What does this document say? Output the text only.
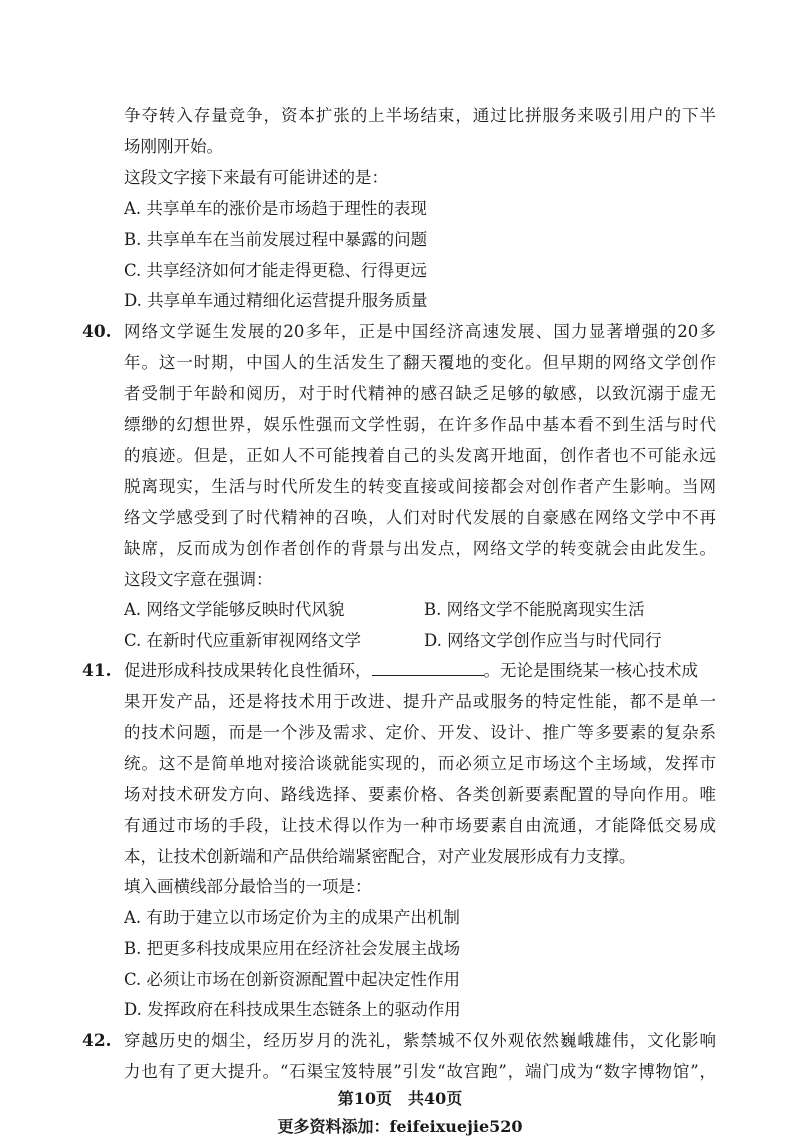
争夺转入存量竞争，资本扩张的上半场结束，通过比拼服务来吸引用户的下半

场刚刚开始。

这段文字接下来最有可能讲述的是：

A. 共享单车的涨价是市场趋于理性的表现

B. 共享单车在当前发展过程中暴露的问题

C. 共享经济如何才能走得更稳、行得更远

D. 共享单车通过精细化运营提升服务质量

40. 网络文学诞生发展的20多年，正是中国经济高速发展、国力显著增强的20多

年。这一时期，中国人的生活发生了翻天覆地的变化。但早期的网络文学创作

者受制于年龄和阅历，对于时代精神的感召缺乏足够的敏感，以致沉溺于虚无

缥缈的幻想世界，娱乐性强而文学性弱，在许多作品中基本看不到生活与时代

的痕迹。但是，正如人不可能拽着自己的头发离开地面，创作者也不可能永远

脱离现实，生活与时代所发生的转变直接或间接都会对创作者产生影响。当网

络文学感受到了时代精神的召唤，人们对时代发展的自豪感在网络文学中不再

缺席，反而成为创作者创作的背景与出发点，网络文学的转变就会由此发生。

这段文字意在强调：

A. 网络文学能够反映时代风貌	B. 网络文学不能脱离现实生活

C. 在新时代应重新审视网络文学	D. 网络文学创作应当与时代同行

41. 促进形成科技成果转化良性循环，	。无论是围绕某一核心技术成

果开发产品，还是将技术用于改进、提升产品或服务的特定性能，都不是单一

的技术问题，而是一个涉及需求、定价、开发、设计、推广等多要素的复杂系

统。这不是简单地对接洽谈就能实现的，而必须立足市场这个主场域，发挥市

场对技术研发方向、路线选择、要素价格、各类创新要素配置的导向作用。唯

有通过市场的手段，让技术得以作为一种市场要素自由流通，才能降低交易成

本，让技术创新端和产品供给端紧密配合，对产业发展形成有力支撑。

填入画横线部分最恰当的一项是：

A. 有助于建立以市场定价为主的成果产出机制

B. 把更多科技成果应用在经济社会发展主战场

C. 必须让市场在创新资源配置中起决定性作用

D. 发挥政府在科技成果生态链条上的驱动作用

42. 穿越历史的烟尘，经历岁月的洗礼，紫禁城不仅外观依然巍峨雄伟，文化影响

力也有了更大提升。“石渠宝笈特展”引发“故宫跑”，端门成为“数字博物馆”，

第10页 共40页
更多资料添加：feifeixuejie520
